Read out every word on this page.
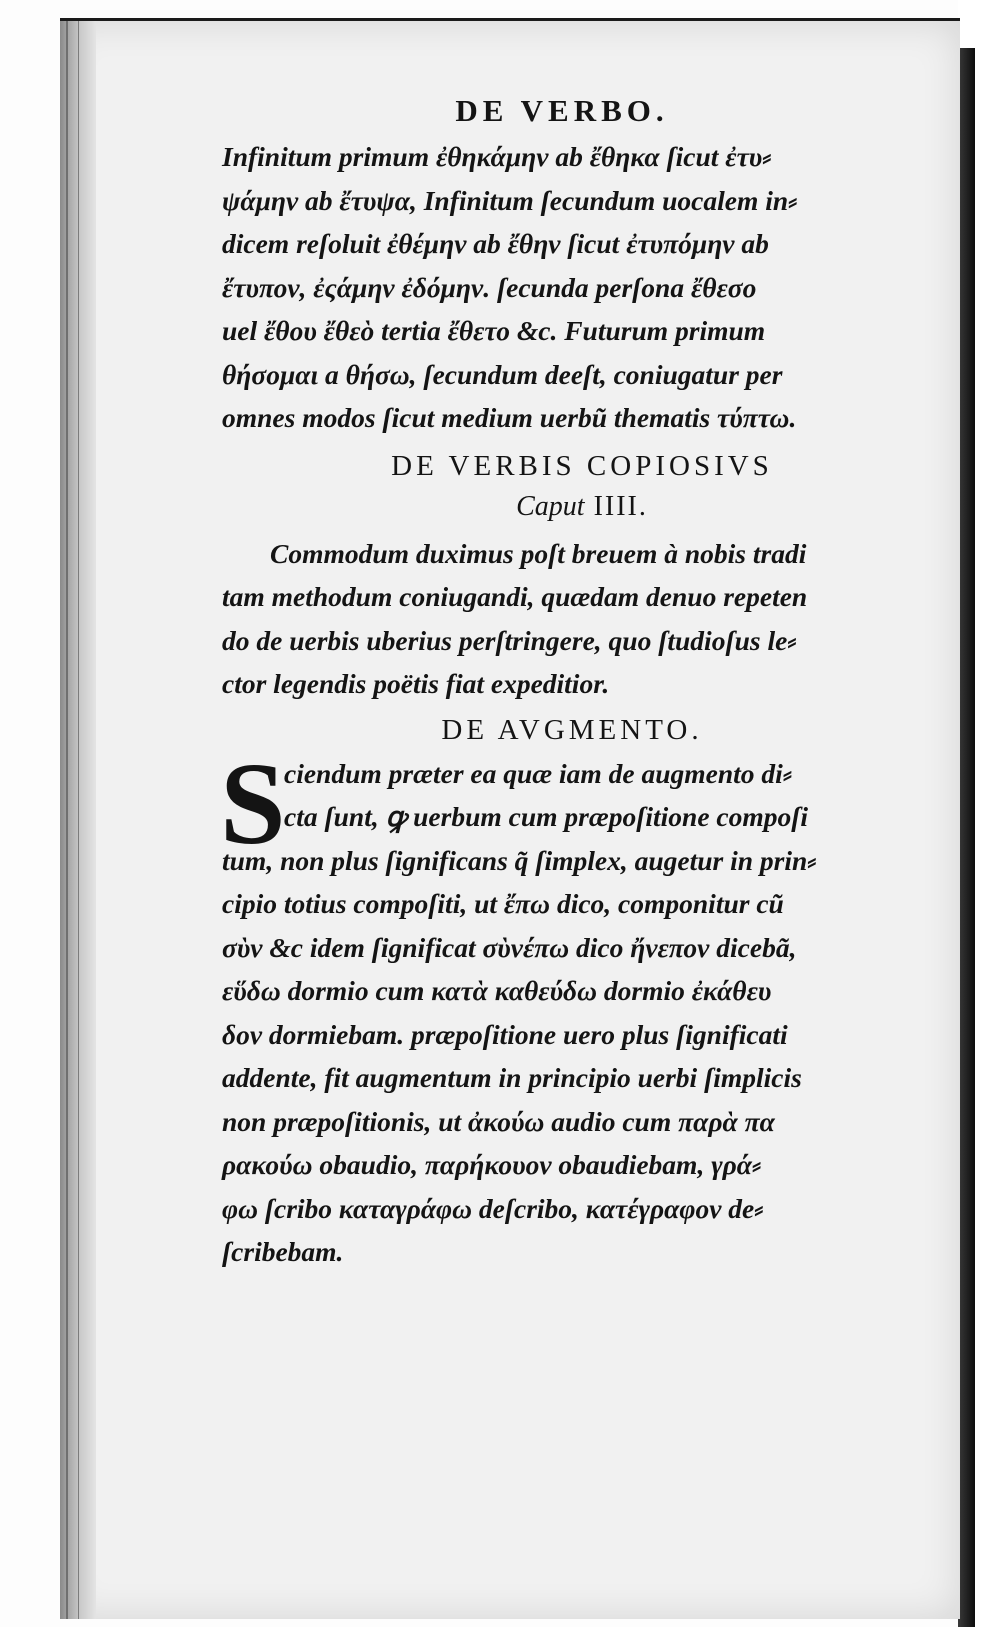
DE VERBO.
Infinitum primum ἐθηκάμην ab ἔθηκα ſicut ἐτυ⸗
ψάμην ab ἔτυψα, Infinitum ſecundum uocalem in⸗
dicem reſoluit ἐθέμην ab ἔθην ſicut ἐτυπόμην ab
ἔτυπον, ἐςάμην ἐδόμην. ſecunda perſona ἔθεσο
uel ἔθου ἔθεὸ tertia ἔθετο &c. Futurum primum
θήσομαι a θήσω, ſecundum deeſt, coniugatur per
omnes modos ſicut medium uerbũ thematis τύπτω.
DE VERBIS COPIOSIVS
Caput IIII.
Commodum duximus poſt breuem à nobis tradi
tam methodum coniugandi, quædam denuo repeten
do de uerbis uberius perſtringere, quo ſtudioſus le⸗
ctor legendis poëtis fiat expeditior.
DE AVGMENTO.
S
ciendum præter ea quæ iam de augmento di⸗
cta ſunt, ꝙ uerbum cum præpoſitione compoſi
tum, non plus ſignificans q̃ ſimplex, augetur in prin⸗
cipio totius compoſiti, ut ἔπω dico, componitur cũ
σὺν &c idem ſignificat σὺνέπω dico ἤνεπον dicebã,
εὕδω dormio cum κατὰ καθεύδω dormio ἐκάθευ
δον dormiebam. præpoſitione uero plus ſignificati
addente, fit augmentum in principio uerbi ſimplicis
non præpoſitionis, ut ἀκούω audio cum παρὰ πα
ρακούω obaudio, παρήκουον obaudiebam, γρά⸗
φω ſcribo καταγράφω deſcribo, κατέγραφον de⸗
ſcribebam.
